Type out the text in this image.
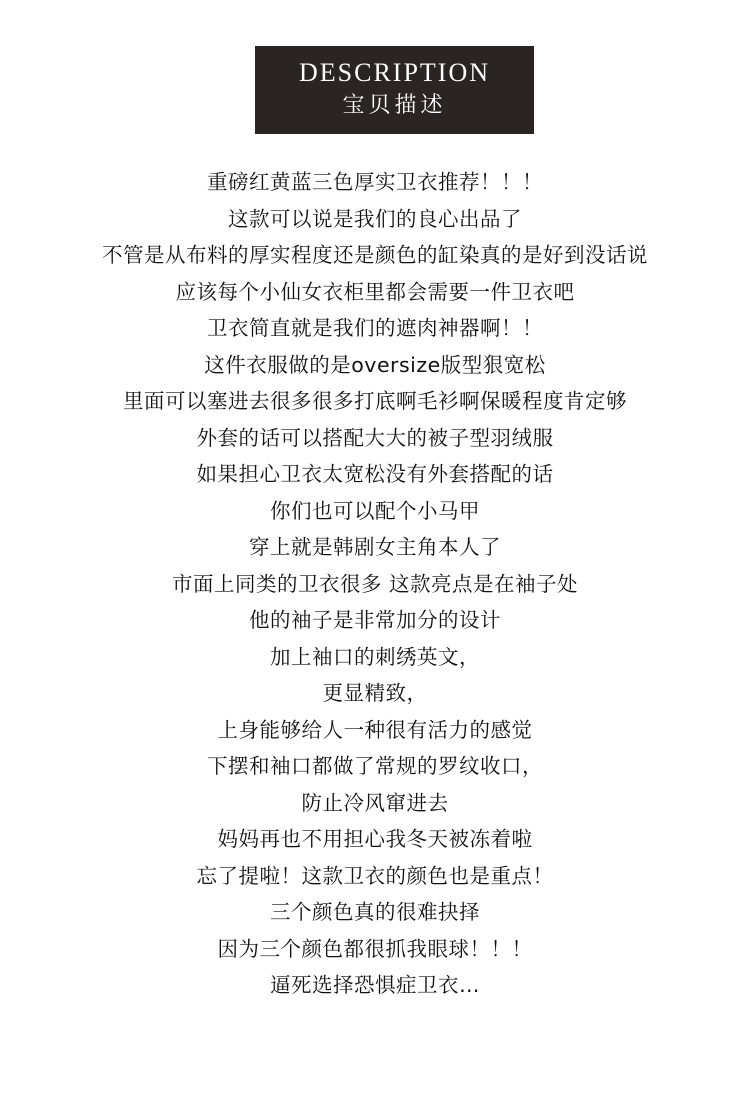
DESCRIPTION
宝贝描述
重磅红黄蓝三色厚实卫衣推荐！！！
这款可以说是我们的良心出品了
不管是从布料的厚实程度还是颜色的缸染真的是好到没话说
应该每个小仙女衣柜里都会需要一件卫衣吧
卫衣简直就是我们的遮肉神器啊！！
这件衣服做的是oversize版型狠宽松
里面可以塞进去很多很多打底啊毛衫啊保暖程度肯定够
外套的话可以搭配大大的被子型羽绒服
如果担心卫衣太宽松没有外套搭配的话
你们也可以配个小马甲
穿上就是韩剧女主角本人了
市面上同类的卫衣很多 这款亮点是在袖子处
他的袖子是非常加分的设计
加上袖口的刺绣英文，
更显精致，
上身能够给人一种很有活力的感觉
下摆和袖口都做了常规的罗纹收口，
防止冷风窜进去
妈妈再也不用担心我冬天被冻着啦
忘了提啦！这款卫衣的颜色也是重点！
三个颜色真的很难抉择
因为三个颜色都很抓我眼球！！！
逼死选择恐惧症卫衣…
